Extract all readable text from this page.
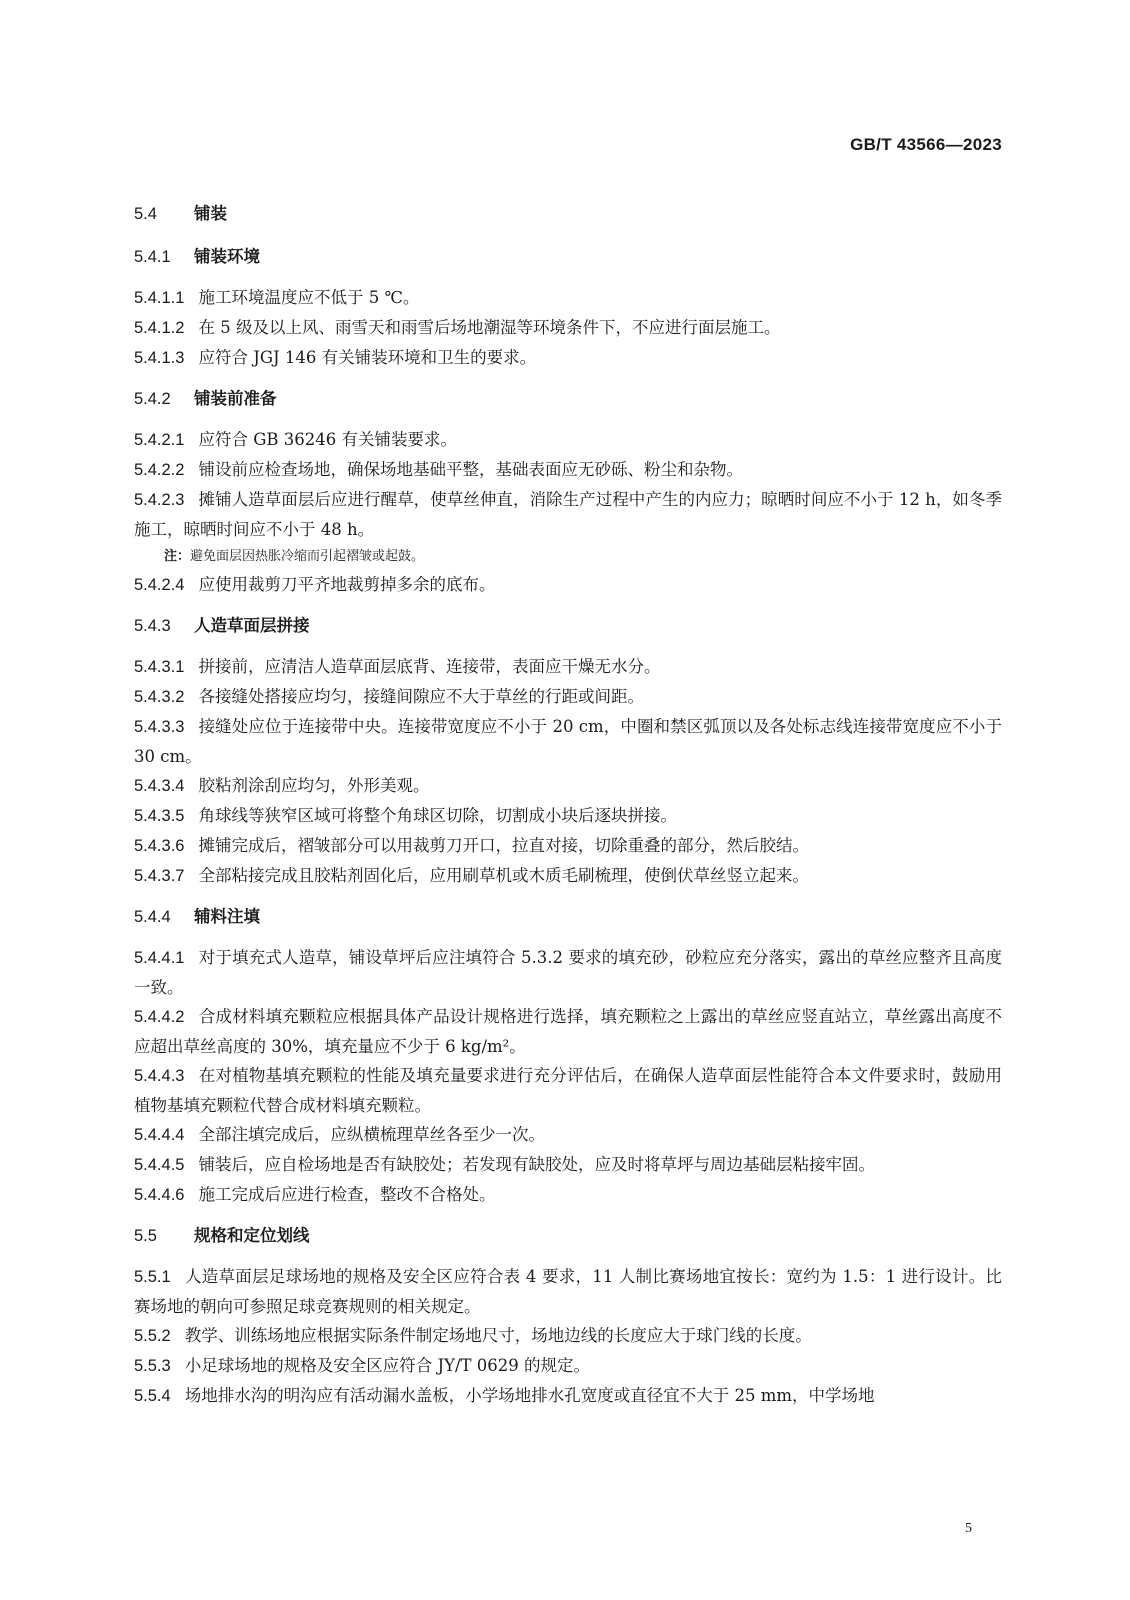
GB/T 43566—2023
5.4 铺装
5.4.1 铺装环境
5.4.1.1 施工环境温度应不低于 5 ℃。
5.4.1.2 在 5 级及以上风、雨雪天和雨雪后场地潮湿等环境条件下，不应进行面层施工。
5.4.1.3 应符合 JGJ 146 有关铺装环境和卫生的要求。
5.4.2 铺装前准备
5.4.2.1 应符合 GB 36246 有关铺装要求。
5.4.2.2 铺设前应检查场地，确保场地基础平整，基础表面应无砂砾、粉尘和杂物。
5.4.2.3 摊铺人造草面层后应进行醒草，使草丝伸直，消除生产过程中产生的内应力；晾晒时间应不小于 12 h，如冬季施工，晾晒时间应不小于 48 h。
注：避免面层因热胀冷缩而引起褶皱或起鼓。
5.4.2.4 应使用裁剪刀平齐地裁剪掉多余的底布。
5.4.3 人造草面层拼接
5.4.3.1 拼接前，应清洁人造草面层底背、连接带，表面应干燥无水分。
5.4.3.2 各接缝处搭接应均匀，接缝间隙应不大于草丝的行距或间距。
5.4.3.3 接缝处应位于连接带中央。连接带宽度应不小于 20 cm，中圈和禁区弧顶以及各处标志线连接带宽度应不小于 30 cm。
5.4.3.4 胶粘剂涂刮应均匀，外形美观。
5.4.3.5 角球线等狭窄区域可将整个角球区切除，切割成小块后逐块拼接。
5.4.3.6 摊铺完成后，褶皱部分可以用裁剪刀开口，拉直对接，切除重叠的部分，然后胶结。
5.4.3.7 全部粘接完成且胶粘剂固化后，应用刷草机或木质毛刷梳理，使倒伏草丝竖立起来。
5.4.4 辅料注填
5.4.4.1 对于填充式人造草，铺设草坪后应注填符合 5.3.2 要求的填充砂，砂粒应充分落实，露出的草丝应整齐且高度一致。
5.4.4.2 合成材料填充颗粒应根据具体产品设计规格进行选择，填充颗粒之上露出的草丝应竖直站立，草丝露出高度不应超出草丝高度的 30%，填充量应不少于 6 kg/m²。
5.4.4.3 在对植物基填充颗粒的性能及填充量要求进行充分评估后，在确保人造草面层性能符合本文件要求时，鼓励用植物基填充颗粒代替合成材料填充颗粒。
5.4.4.4 全部注填完成后，应纵横梳理草丝各至少一次。
5.4.4.5 铺装后，应自检场地是否有缺胶处；若发现有缺胶处，应及时将草坪与周边基础层粘接牢固。
5.4.4.6 施工完成后应进行检查，整改不合格处。
5.5 规格和定位划线
5.5.1 人造草面层足球场地的规格及安全区应符合表 4 要求，11 人制比赛场地宜按长：宽约为 1.5：1 进行设计。比赛场地的朝向可参照足球竞赛规则的相关规定。
5.5.2 教学、训练场地应根据实际条件制定场地尺寸，场地边线的长度应大于球门线的长度。
5.5.3 小足球场地的规格及安全区应符合 JY/T 0629 的规定。
5.5.4 场地排水沟的明沟应有活动漏水盖板，小学场地排水孔宽度或直径宜不大于 25 mm，中学场地
5
